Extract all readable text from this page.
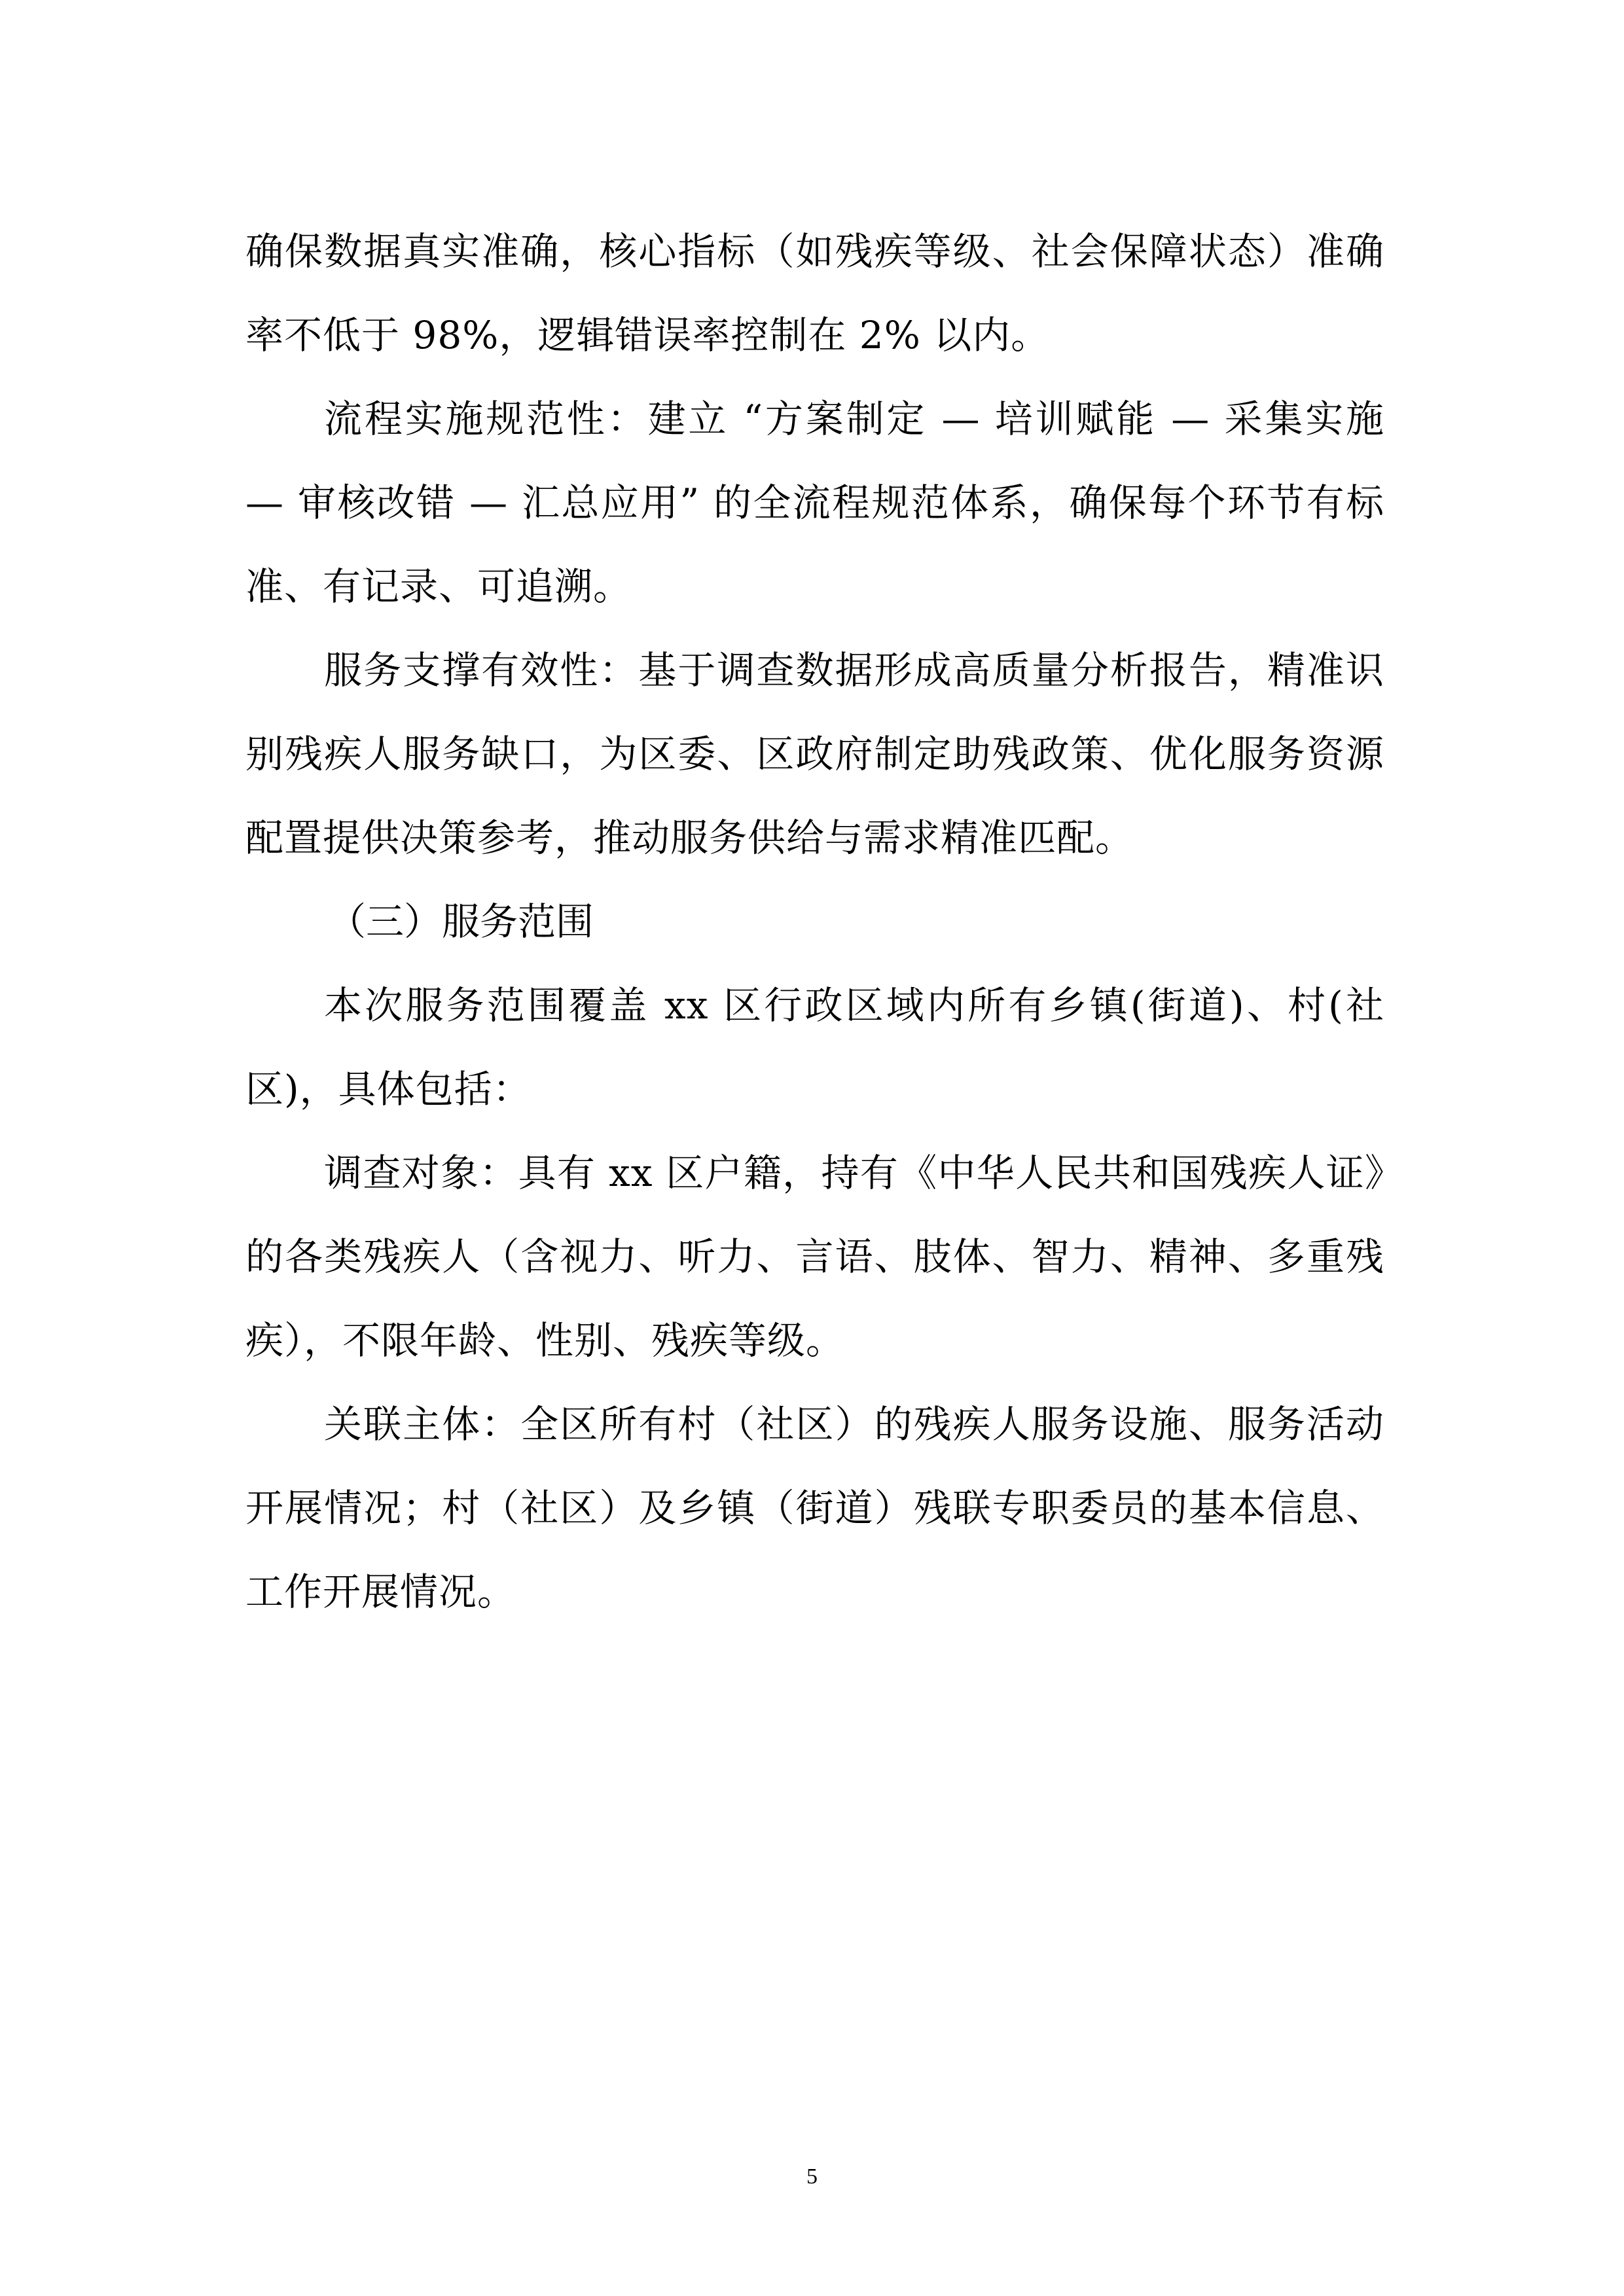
确保数据真实准确，核心指标（如残疾等级、社会保障状态）准确率不低于 98%，逻辑错误率控制在 2% 以内。

流程实施规范性：建立 “方案制定 — 培训赋能 — 采集实施 — 审核改错 — 汇总应用” 的全流程规范体系，确保每个环节有标准、有记录、可追溯。

服务支撑有效性：基于调查数据形成高质量分析报告，精准识别残疾人服务缺口，为区委、区政府制定助残政策、优化服务资源配置提供决策参考，推动服务供给与需求精准匹配。

（三）服务范围

本次服务范围覆盖 xx 区行政区域内所有乡镇(街道)、村(社区)，具体包括：

调查对象：具有 xx 区户籍，持有《中华人民共和国残疾人证》的各类残疾人（含视力、听力、言语、肢体、智力、精神、多重残疾），不限年龄、性别、残疾等级。

关联主体：全区所有村（社区）的残疾人服务设施、服务活动开展情况；村（社区）及乡镇（街道）残联专职委员的基本信息、工作开展情况。

5
